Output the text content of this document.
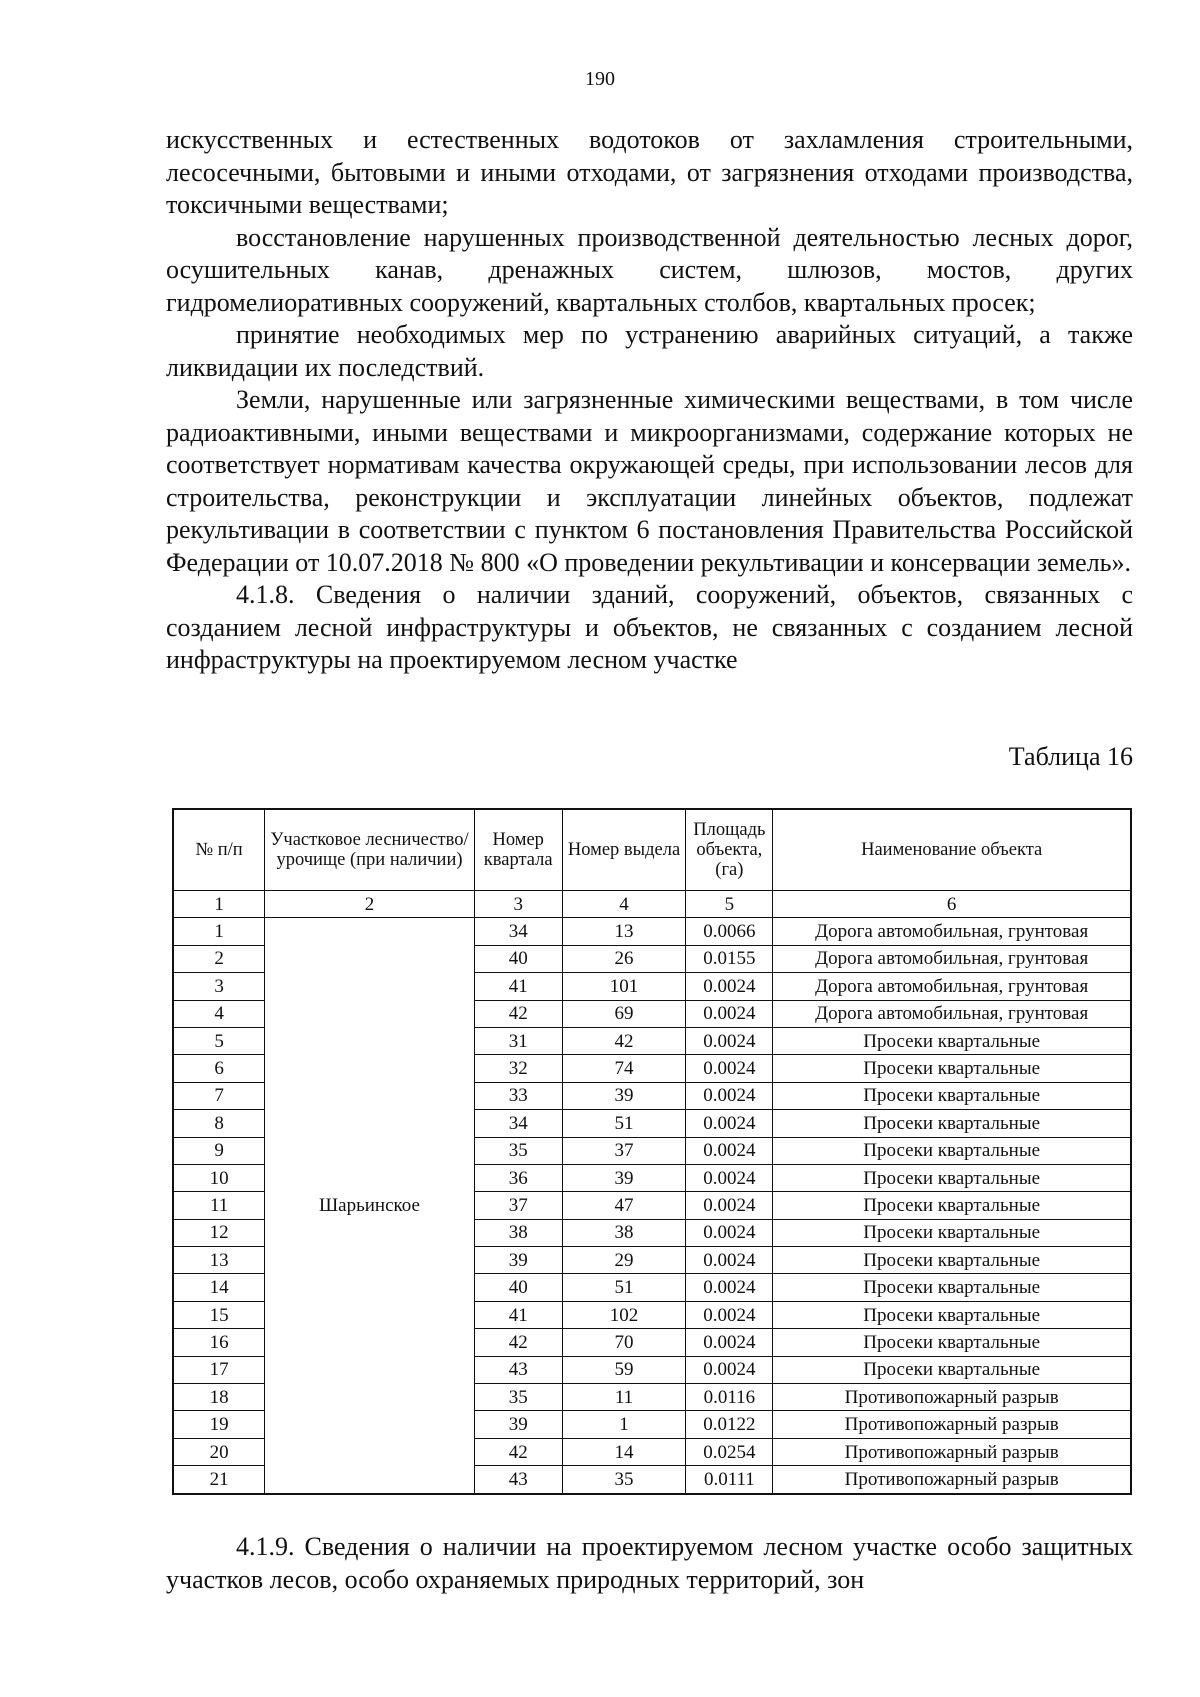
190

искусственных и естественных водотоков от захламления строительными, лесосечными, бытовыми и иными отходами, от загрязнения отходами производства, токсичными веществами;

восстановление нарушенных производственной деятельностью лесных дорог, осушительных канав, дренажных систем, шлюзов, мостов, других гидромелиоративных сооружений, квартальных столбов, квартальных просек;

принятие необходимых мер по устранению аварийных ситуаций, а также ликвидации их последствий.

Земли, нарушенные или загрязненные химическими веществами, в том числе радиоактивными, иными веществами и микроорганизмами, содержание которых не соответствует нормативам качества окружающей среды, при использовании лесов для строительства, реконструкции и эксплуатации линейных объектов, подлежат рекультивации в соответствии с пунктом 6 постановления Правительства Российской Федерации от 10.07.2018 № 800 «О проведении рекультивации и консервации земель».

4.1.8. Сведения о наличии зданий, сооружений, объектов, связанных с созданием лесной инфраструктуры и объектов, не связанных с созданием лесной инфраструктуры на проектируемом лесном участке

Таблица 16
№ п/п	Участковое лесничество/урочище (при наличии)	Номер квартала	Номер выдела	Площадь объекта, (га)	Наименование объекта
1	2	3	4	5	6
1	Шарьинское	34	13	0.0066	Дорога автомобильная, грунтовая
2		40	26	0.0155	Дорога автомобильная, грунтовая
3		41	101	0.0024	Дорога автомобильная, грунтовая
4		42	69	0.0024	Дорога автомобильная, грунтовая
5		31	42	0.0024	Просеки квартальные
6		32	74	0.0024	Просеки квартальные
7		33	39	0.0024	Просеки квартальные
8		34	51	0.0024	Просеки квартальные
9		35	37	0.0024	Просеки квартальные
10		36	39	0.0024	Просеки квартальные
11		37	47	0.0024	Просеки квартальные
12		38	38	0.0024	Просеки квартальные
13		39	29	0.0024	Просеки квартальные
14		40	51	0.0024	Просеки квартальные
15		41	102	0.0024	Просеки квартальные
16		42	70	0.0024	Просеки квартальные
17		43	59	0.0024	Просеки квартальные
18		35	11	0.0116	Противопожарный разрыв
19		39	1	0.0122	Противопожарный разрыв
20		42	14	0.0254	Противопожарный разрыв
21		43	35	0.0111	Противопожарный разрыв

4.1.9. Сведения о наличии на проектируемом лесном участке особо защитных участков лесов, особо охраняемых природных территорий, зон
